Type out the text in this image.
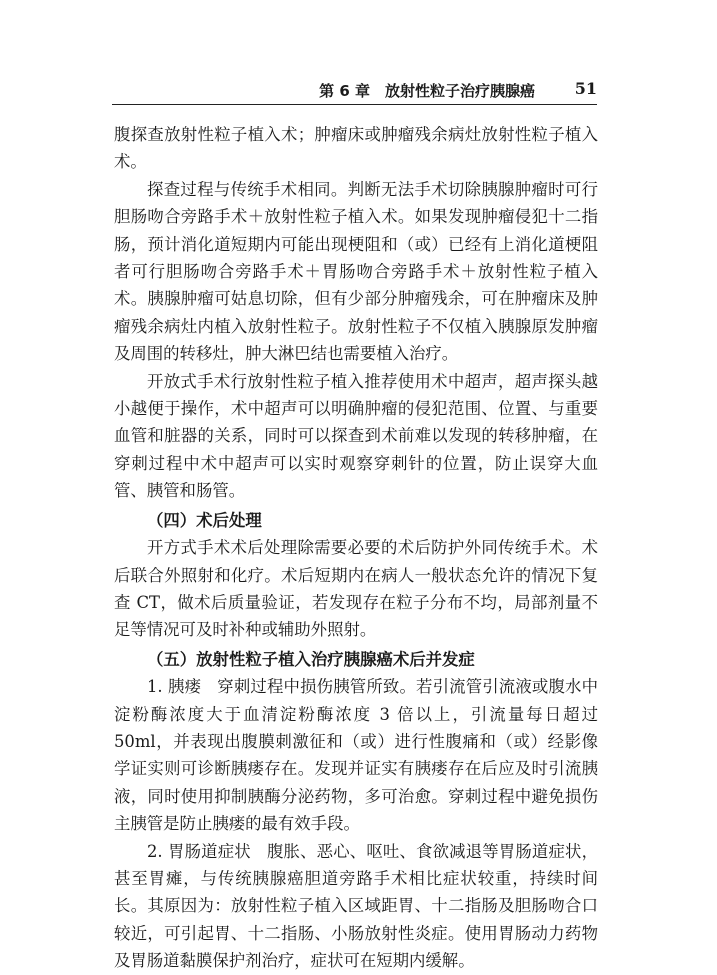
第 6 章　放射性粒子治疗胰腺癌 51

腹探查放射性粒子植入术；肿瘤床或肿瘤残余病灶放射性粒子植入术。

探查过程与传统手术相同。判断无法手术切除胰腺肿瘤时可行胆肠吻合旁路手术＋放射性粒子植入术。如果发现肿瘤侵犯十二指肠，预计消化道短期内可能出现梗阻和（或）已经有上消化道梗阻者可行胆肠吻合旁路手术＋胃肠吻合旁路手术＋放射性粒子植入术。胰腺肿瘤可姑息切除，但有少部分肿瘤残余，可在肿瘤床及肿瘤残余病灶内植入放射性粒子。放射性粒子不仅植入胰腺原发肿瘤及周围的转移灶，肿大淋巴结也需要植入治疗。

开放式手术行放射性粒子植入推荐使用术中超声，超声探头越小越便于操作，术中超声可以明确肿瘤的侵犯范围、位置、与重要血管和脏器的关系，同时可以探查到术前难以发现的转移肿瘤，在穿刺过程中术中超声可以实时观察穿刺针的位置，防止误穿大血管、胰管和肠管。

（四）术后处理

开方式手术术后处理除需要必要的术后防护外同传统手术。术后联合外照射和化疗。术后短期内在病人一般状态允许的情况下复查 CT，做术后质量验证，若发现存在粒子分布不均，局部剂量不足等情况可及时补种或辅助外照射。

（五）放射性粒子植入治疗胰腺癌术后并发症

1. 胰瘘 穿刺过程中损伤胰管所致。若引流管引流液或腹水中淀粉酶浓度大于血清淀粉酶浓度 3 倍以上，引流量每日超过 50ml，并表现出腹膜刺激征和（或）进行性腹痛和（或）经影像学证实则可诊断胰瘘存在。发现并证实有胰瘘存在后应及时引流胰液，同时使用抑制胰酶分泌药物，多可治愈。穿刺过程中避免损伤主胰管是防止胰瘘的最有效手段。

2. 胃肠道症状 腹胀、恶心、呕吐、食欲减退等胃肠道症状，甚至胃瘫，与传统胰腺癌胆道旁路手术相比症状较重，持续时间长。其原因为：放射性粒子植入区域距胃、十二指肠及胆肠吻合口较近，可引起胃、十二指肠、小肠放射性炎症。使用胃肠动力药物及胃肠道黏膜保护剂治疗，症状可在短期内缓解。
